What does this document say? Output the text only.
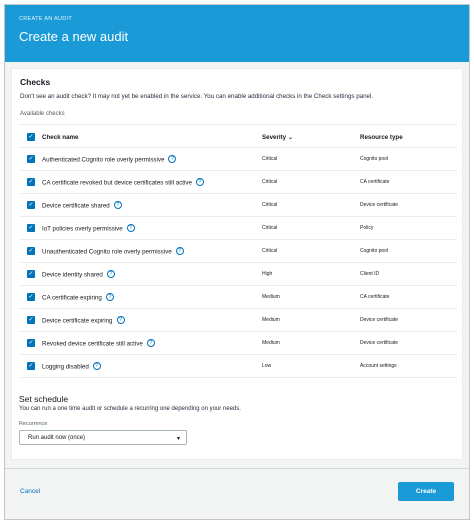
CREATE AN AUDIT
Create a new audit
Checks
Don't see an audit check? It may not yet be enabled in the service. You can enable additional checks in the Check settings panel.
Available checks
✓ Check name	Severity ⌄	Resource type
✓ Authenticated Cognito role overly permissive ?	Critical	Cognito pool
✓ CA certificate revoked but device certificates still active ?	Critical	CA certificate
✓ Device certificate shared ?	Critical	Device certificate
✓ IoT policies overly permissive ?	Critical	Policy
✓ Unauthenticated Cognito role overly permissive ?	Critical	Cognito pool
✓ Device identity shared ?	High	Client ID
✓ CA certificate expiring ?	Medium	CA certificate
✓ Device certificate expiring ?	Medium	Device certificate
✓ Revoked device certificate still active ?	Medium	Device certificate
✓ Logging disabled ?	Low	Account settings
Set schedule
You can run a one time audit or schedule a recurring one depending on your needs.
Recurrence
Run audit now (once)	▾
Cancel	Create
